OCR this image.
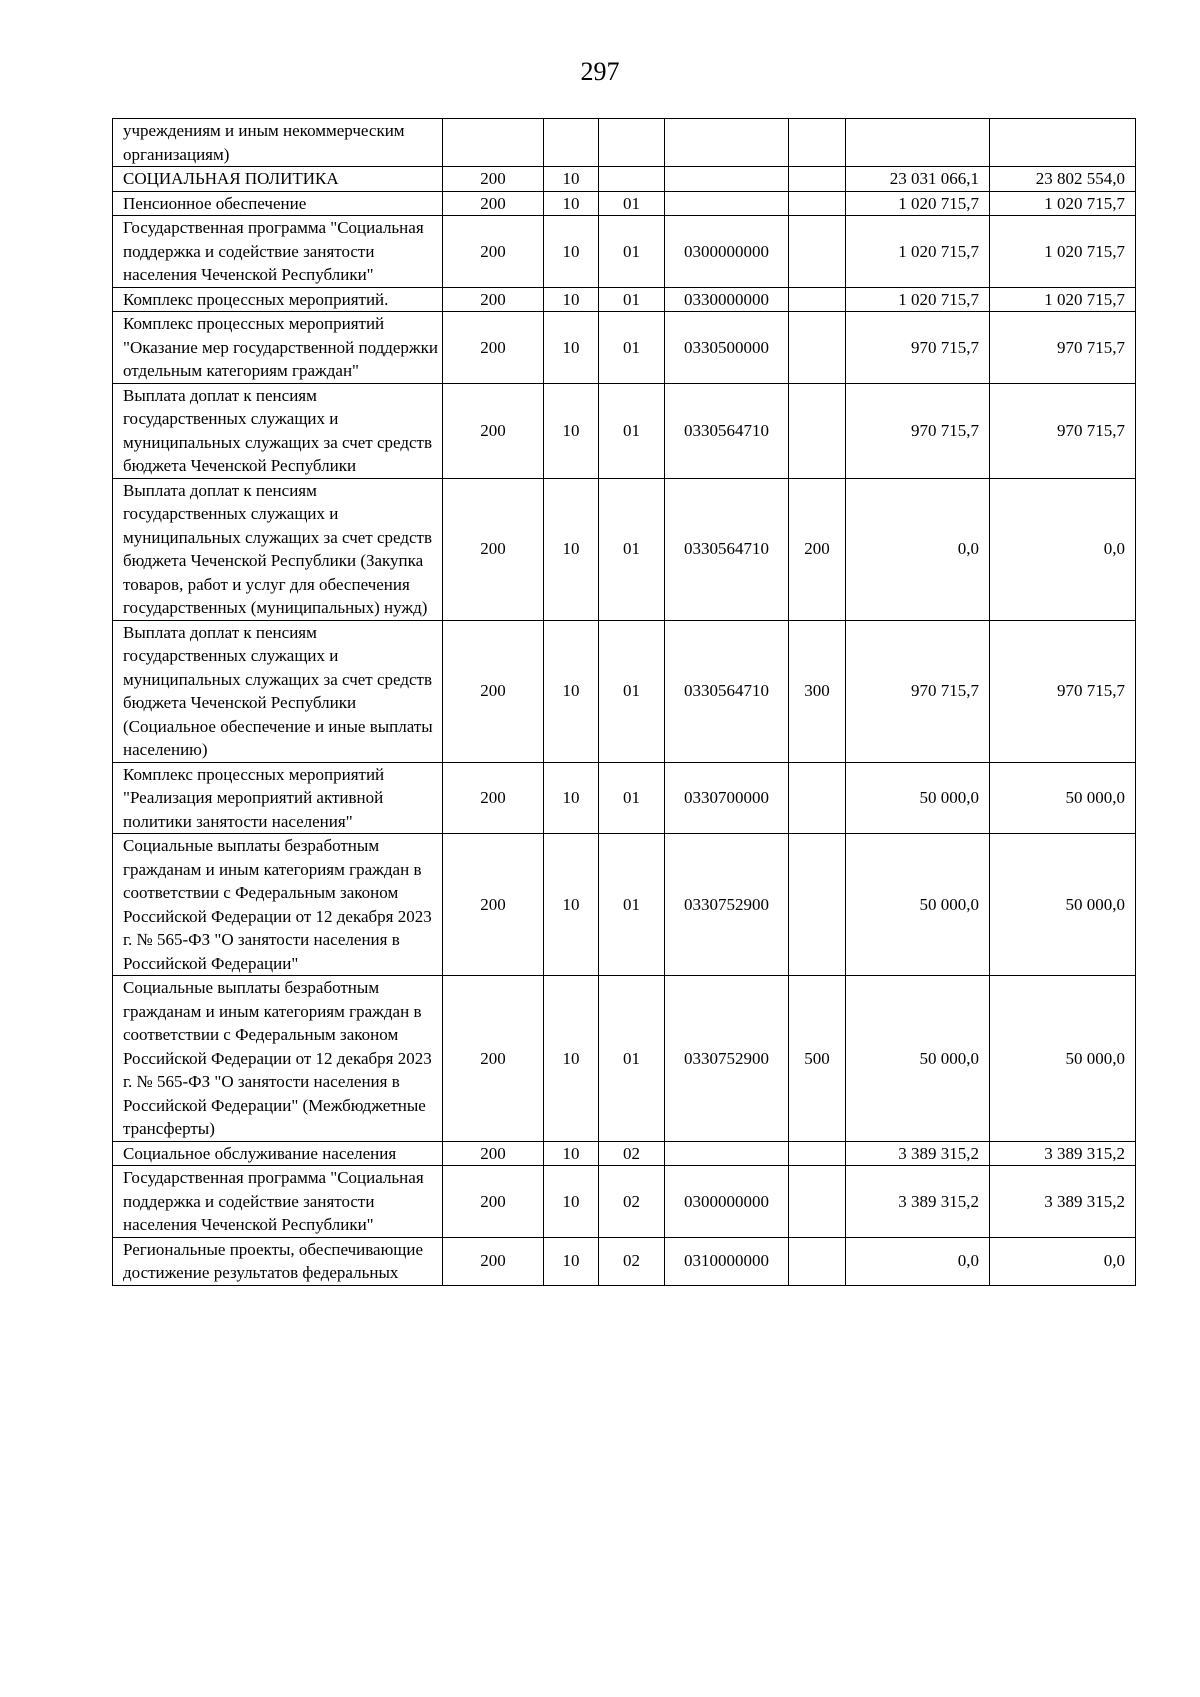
297
учреждениям и иным некоммерческим организациям)							
СОЦИАЛЬНАЯ ПОЛИТИКА	200	10				23 031 066,1	23 802 554,0
Пенсионное обеспечение	200	10	01			1 020 715,7	1 020 715,7
Государственная программа "Социальная поддержка и содействие занятости населения Чеченской Республики"	200	10	01	0300000000		1 020 715,7	1 020 715,7
Комплекс процессных мероприятий.	200	10	01	0330000000		1 020 715,7	1 020 715,7
Комплекс процессных мероприятий "Оказание мер государственной поддержки отдельным категориям граждан"	200	10	01	0330500000		970 715,7	970 715,7
Выплата доплат к пенсиям государственных служащих и муниципальных служащих за счет средств бюджета Чеченской Республики	200	10	01	0330564710		970 715,7	970 715,7
Выплата доплат к пенсиям государственных служащих и муниципальных служащих за счет средств бюджета Чеченской Республики (Закупка товаров, работ и услуг для обеспечения государственных (муниципальных) нужд)	200	10	01	0330564710	200	0,0	0,0
Выплата доплат к пенсиям государственных служащих и муниципальных служащих за счет средств бюджета Чеченской Республики (Социальное обеспечение и иные выплаты населению)	200	10	01	0330564710	300	970 715,7	970 715,7
Комплекс процессных мероприятий "Реализация мероприятий активной политики занятости населения"	200	10	01	0330700000		50 000,0	50 000,0
Социальные выплаты безработным гражданам и иным категориям граждан в соответствии с Федеральным законом Российской Федерации от 12 декабря 2023 г. № 565-ФЗ "О занятости населения в Российской Федерации"	200	10	01	0330752900		50 000,0	50 000,0
Социальные выплаты безработным гражданам и иным категориям граждан в соответствии с Федеральным законом Российской Федерации от 12 декабря 2023 г. № 565-ФЗ "О занятости населения в Российской Федерации" (Межбюджетные трансферты)	200	10	01	0330752900	500	50 000,0	50 000,0
Социальное обслуживание населения	200	10	02			3 389 315,2	3 389 315,2
Государственная программа "Социальная поддержка и содействие занятости населения Чеченской Республики"	200	10	02	0300000000		3 389 315,2	3 389 315,2
Региональные проекты, обеспечивающие достижение результатов федеральных	200	10	02	0310000000		0,0	0,0
